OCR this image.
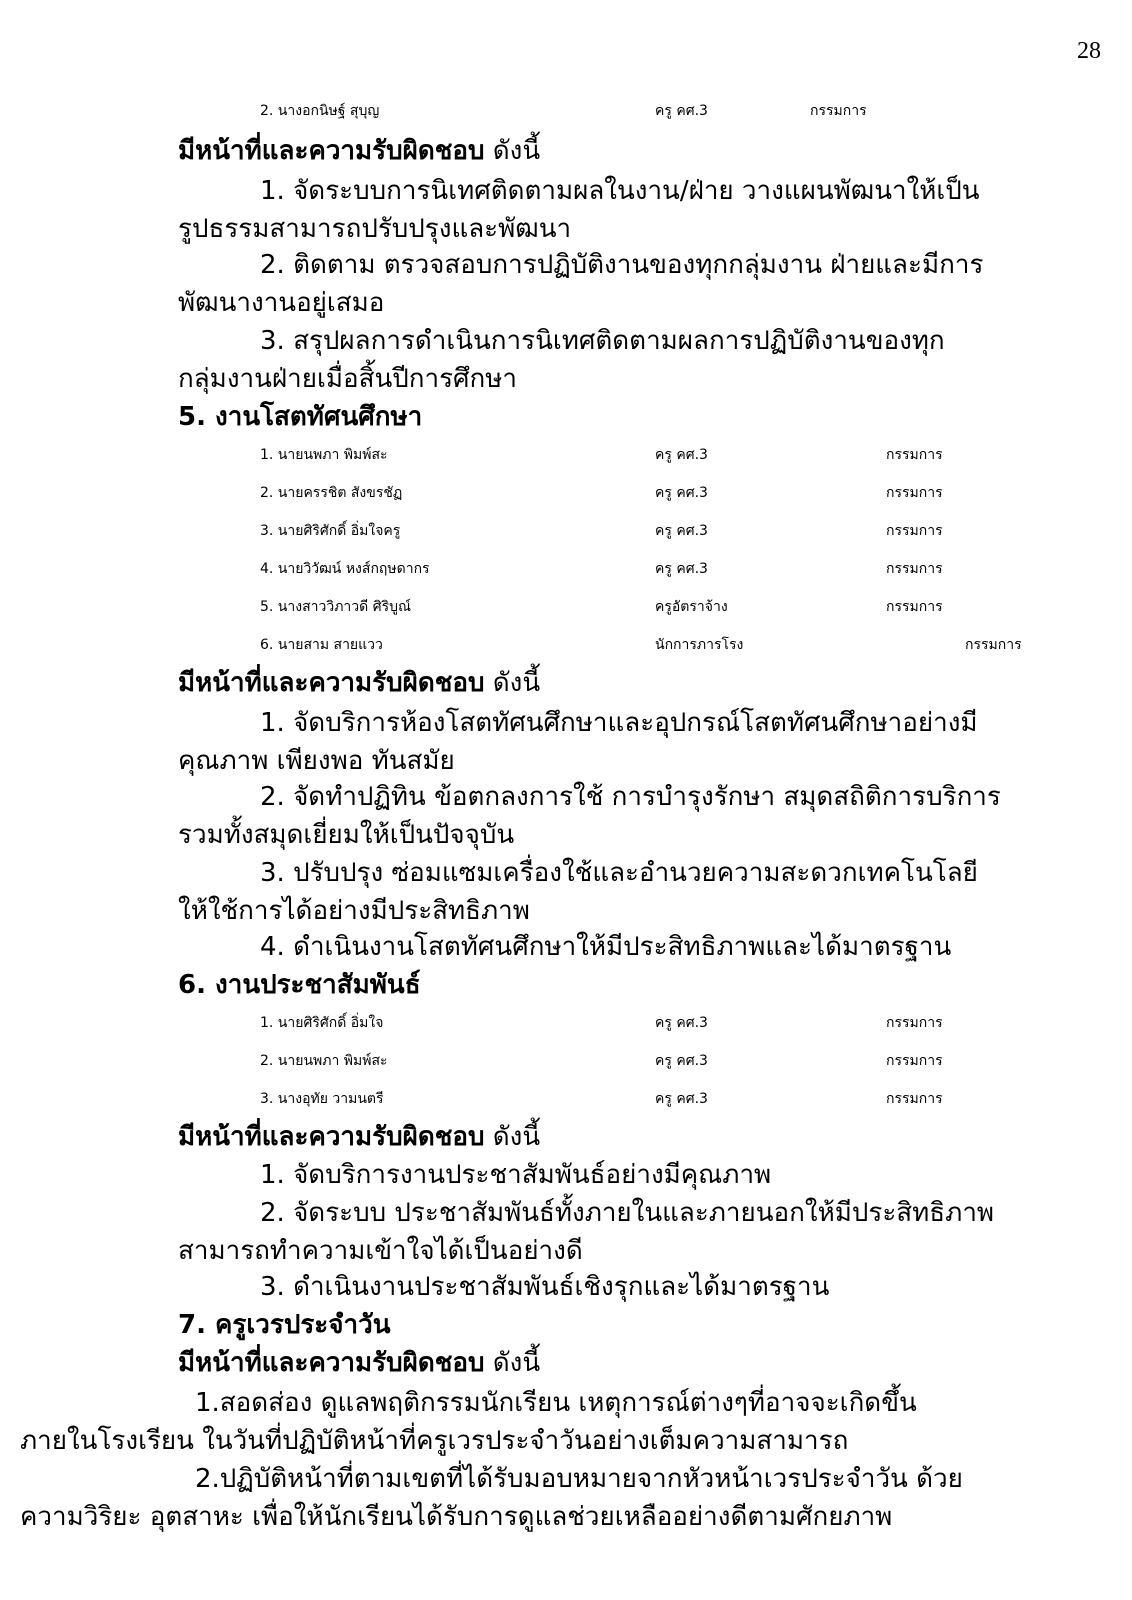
28
2. นางอกนิษฐ์ สุบุญ	ครู คศ.3	กรรมการ
มีหน้าที่และความรับผิดชอบ ดังนี้
1. จัดระบบการนิเทศติดตามผลในงาน/ฝ่าย วางแผนพัฒนาให้เป็น
รูปธรรมสามารถปรับปรุงและพัฒนา
2. ติดตาม ตรวจสอบการปฏิบัติงานของทุกกลุ่มงาน ฝ่ายและมีการ
พัฒนางานอยู่เสมอ
3. สรุปผลการดำเนินการนิเทศติดตามผลการปฏิบัติงานของทุก
กลุ่มงานฝ่ายเมื่อสิ้นปีการศึกษา
5. งานโสตทัศนศึกษา
1. นายนพภา พิมพ์สะ	ครู คศ.3	กรรมการ
2. นายครรชิต สังขรชัฏ	ครู คศ.3	กรรมการ
3. นายศิริศักดิ์ อิ่มใจครู	ครู คศ.3	กรรมการ
4. นายวิวัฒน์ หงส์กฤษดากร	ครู คศ.3	กรรมการ
5. นางสาววิภาวดี ศิริบูณ์	ครูอัตราจ้าง	กรรมการ
6. นายสาม สายแวว	นักการภารโรง	กรรมการ
มีหน้าที่และความรับผิดชอบ ดังนี้
1. จัดบริการห้องโสตทัศนศึกษาและอุปกรณ์โสตทัศนศึกษาอย่างมี
คุณภาพ เพียงพอ ทันสมัย
2. จัดทำปฏิทิน ข้อตกลงการใช้ การบำรุงรักษา สมุดสถิติการบริการ
รวมทั้งสมุดเยี่ยมให้เป็นปัจจุบัน
3. ปรับปรุง ซ่อมแซมเครื่องใช้และอำนวยความสะดวกเทคโนโลยี
ให้ใช้การได้อย่างมีประสิทธิภาพ
4. ดำเนินงานโสตทัศนศึกษาให้มีประสิทธิภาพและได้มาตรฐาน
6. งานประชาสัมพันธ์
1. นายศิริศักดิ์ อิ่มใจ	ครู คศ.3	กรรมการ
2. นายนพภา พิมพ์สะ	ครู คศ.3	กรรมการ
3. นางอุทัย วามนตรี	ครู คศ.3	กรรมการ
มีหน้าที่และความรับผิดชอบ ดังนี้
1. จัดบริการงานประชาสัมพันธ์อย่างมีคุณภาพ
2. จัดระบบ ประชาสัมพันธ์ทั้งภายในและภายนอกให้มีประสิทธิภาพ
สามารถทำความเข้าใจได้เป็นอย่างดี
3. ดำเนินงานประชาสัมพันธ์เชิงรุกและได้มาตรฐาน
7. ครูเวรประจำวัน
มีหน้าที่และความรับผิดชอบ ดังนี้
1.สอดส่อง ดูแลพฤติกรรมนักเรียน เหตุการณ์ต่างๆที่อาจจะเกิดขึ้น
ภายในโรงเรียน ในวันที่ปฏิบัติหน้าที่ครูเวรประจำวันอย่างเต็มความสามารถ
2.ปฏิบัติหน้าที่ตามเขตที่ได้รับมอบหมายจากหัวหน้าเวรประจำวัน ด้วย
ความวิริยะ อุตสาหะ เพื่อให้นักเรียนได้รับการดูแลช่วยเหลืออย่างดีตามศักยภาพ
